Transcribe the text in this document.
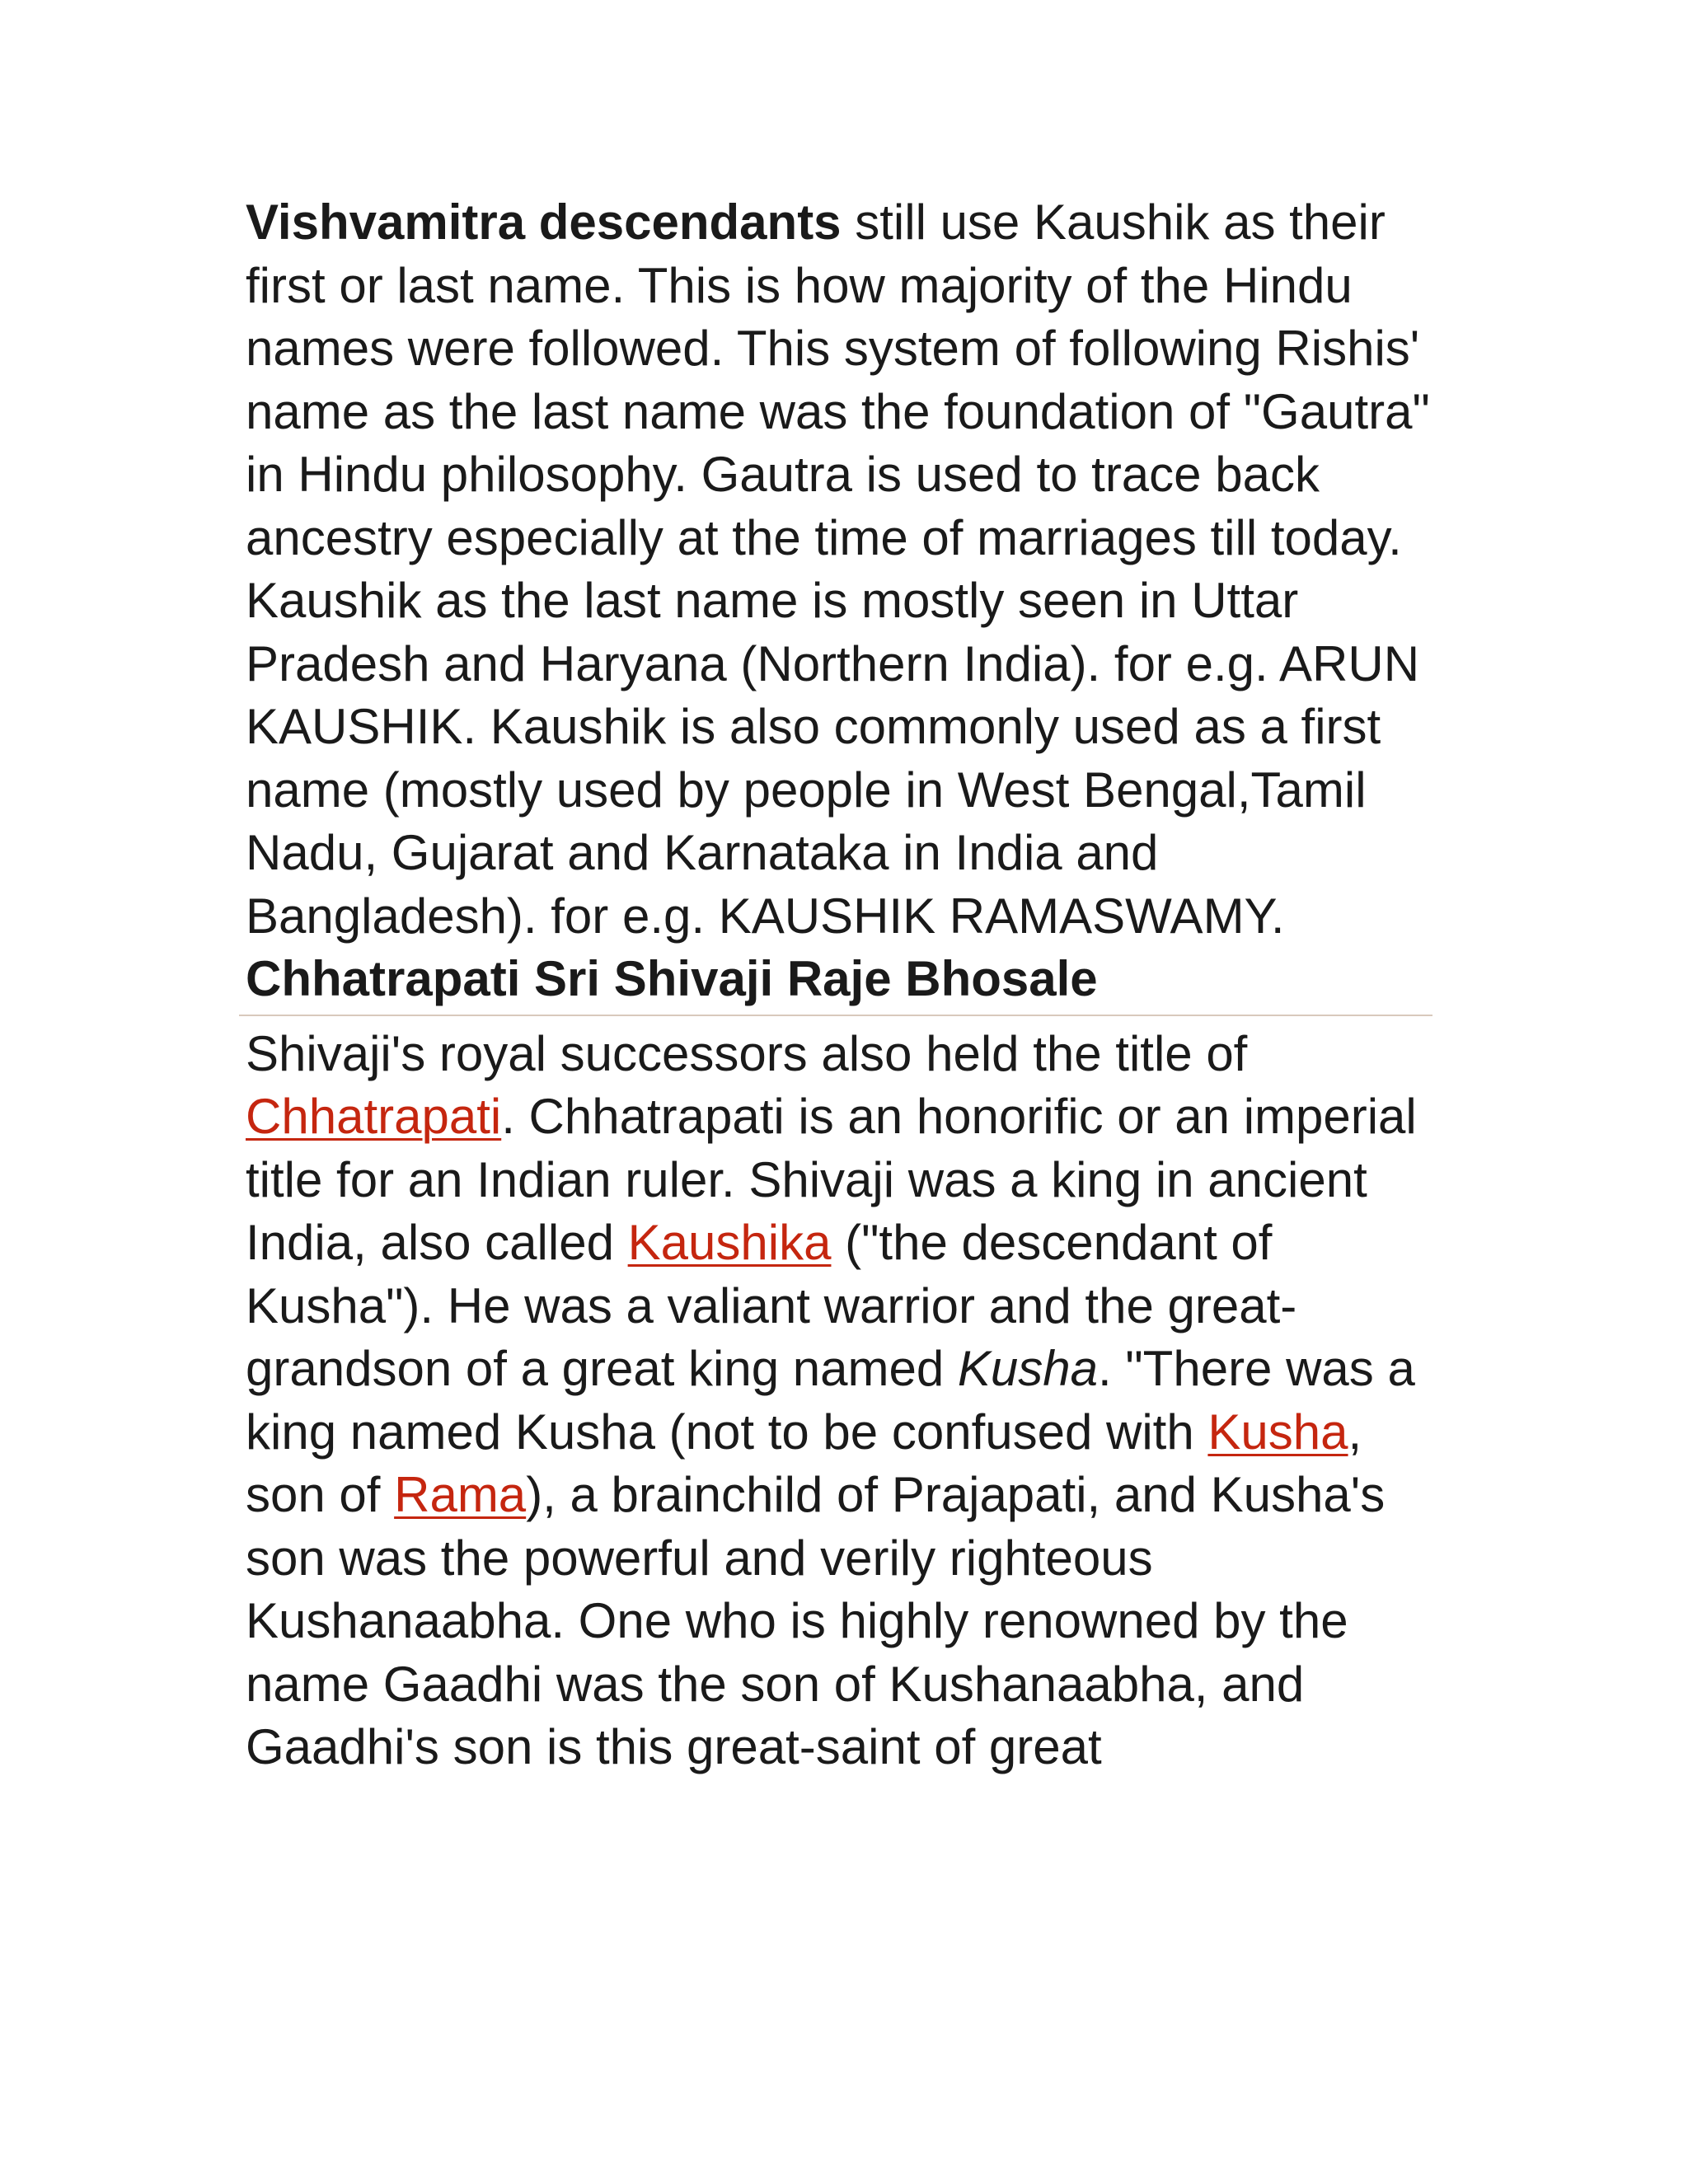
Vishvamitra descendants still use Kaushik as their first or last name. This is how majority of the Hindu names were followed. This system of following Rishis' name as the last name was the foundation of "Gautra" in Hindu philosophy. Gautra is used to trace back ancestry especially at the time of marriages till today. Kaushik as the last name is mostly seen in Uttar Pradesh and Haryana (Northern India). for e.g. ARUN KAUSHIK. Kaushik is also commonly used as a first name (mostly used by people in West Bengal,Tamil Nadu, Gujarat and Karnataka in India and Bangladesh). for e.g. KAUSHIK RAMASWAMY.

Chhatrapati Sri Shivaji Raje Bhosale

Shivaji's royal successors also held the title of Chhatrapati. Chhatrapati is an honorific or an imperial title for an Indian ruler. Shivaji was a king in ancient India, also called Kaushika ("the descendant of Kusha"). He was a valiant warrior and the great-grandson of a great king named Kusha. "There was a king named Kusha (not to be confused with Kusha, son of Rama), a brainchild of Prajapati, and Kusha's son was the powerful and verily righteous Kushanaabha. One who is highly renowned by the name Gaadhi was the son of Kushanaabha, and Gaadhi's son is this great-saint of great
